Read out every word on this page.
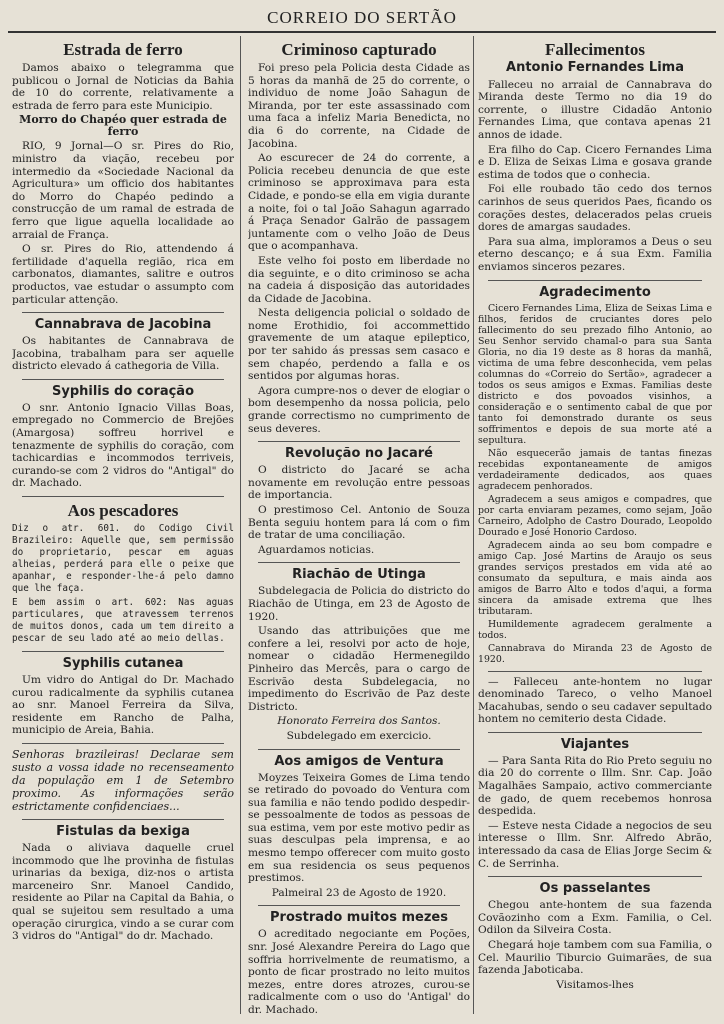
CORREIO DO SERTÃO
Estrada de ferro

Damos abaixo o telegramma que publicou o Jornal de Noticias da Bahia de 10 do corrente, relativamente a estrada de ferro para este Municipio.

Morro do Chapéo quer estrada de ferro

RIO, 9 Jornal—O sr. Pires do Rio, ministro da viação, recebeu por intermedio da «Sociedade Nacional da Agricultura» um officio dos habitantes do Morro do Chapéo pedindo a construcção de um ramal de estrada de ferro que ligue aquella localidade ao arraial de França.

O sr. Pires do Rio, attendendo á fertilidade d'aquella região, rica em carbonatos, diamantes, salitre e outros productos, vae estudar o assumpto com particular attenção.

Cannabrava de Jacobina

Os habitantes de Cannabrava de Jacobina, trabalham para ser aquelle districto elevado á cathegoria de Villa.

Syphilis do coração

O snr. Antonio Ignacio Villas Boas, empregado no Commercio de Brejões (Amargosa) soffreu horrivel e tenazmente de syphilis do coração, com tachicardias e incommodos terriveis, curando-se com 2 vidros do "Antigal" do dr. Machado.

Aos pescadores

Diz o atr. 601. do Codigo Civil Brazileiro: Aquelle que, sem permissão do proprietario, pescar em aguas alheias, perderá para elle o peixe que apanhar, e responder-lhe-á pelo damno que lhe faça.

E bem assim o art. 602: Nas aguas particulares, que atravessem terrenos de muitos donos, cada um tem direito a pescar de seu lado até ao meio dellas.

Syphilis cutanea

Um vidro do Antigal do Dr. Machado curou radicalmente da syphilis cutanea ao snr. Manoel Ferreira da Silva, residente em Rancho de Palha, municipio de Areia, Bahia.

Senhoras brazileiras! Declarae sem susto a vossa idade no recenseamento da população em 1 de Setembro proximo. As informações serão estrictamente confidenciaes...

Fistulas da bexiga

Nada o aliviava daquelle cruel incommodo que lhe provinha de fistulas urinarias da bexiga, diz-nos o artista marceneiro Snr. Manoel Candido, residente ao Pilar na Capital da Bahia, o qual se sujeitou sem resultado a uma operação cirurgica, vindo a se curar com 3 vidros do "Antigal" do dr. Machado.

Criminoso capturado

Foi preso pela Policia desta Cidade as 5 horas da manhã de 25 do corrente, o individuo de nome João Sahagun de Miranda, por ter este assassinado com uma faca a infeliz Maria Benedicta, no dia 6 do corrente, na Cidade de Jacobina.

Ao escurecer de 24 do corrente, a Policia recebeu denuncia de que este criminoso se approximava para esta Cidade, e pondo-se ella em vigia durante a noite, foi o tal João Sahagun agarrado á Praça Senador Galrão de passagem juntamente com o velho João de Deus que o acompanhava.

Este velho foi posto em liberdade no dia seguinte, e o dito criminoso se acha na cadeia á disposição das autoridades da Cidade de Jacobina.

Nesta deligencia policial o soldado de nome Erothidio, foi accommettido gravemente de um ataque epileptico, por ter sahido ás pressas sem casaco e sem chapéo, perdendo a falla e os sentidos por algumas horas.

Agora cumpre-nos o dever de elogiar o bom desempenho da nossa policia, pelo grande correctismo no cumprimento de seus deveres.

Revolução no Jacaré

O districto do Jacaré se acha novamente em revolução entre pessoas de importancia.

O prestimoso Cel. Antonio de Souza Benta seguiu hontem para lá com o fim de tratar de uma conciliação.

Aguardamos noticias.

Riachão de Utinga

Subdelegacia de Policia do districto do Riachão de Utinga, em 23 de Agosto de 1920.

Usando das attribuições que me confere a lei, resolvi por acto de hoje, nomear o cidadão Hermenegildo Pinheiro das Mercês, para o cargo de Escrivão desta Subdelegacia, no impedimento do Escrivão de Paz deste Districto.

Honorato Ferreira dos Santos.

Subdelegado em exercicio.

Aos amigos de Ventura

Moyzes Teixeira Gomes de Lima tendo se retirado do povoado do Ventura com sua familia e não tendo podido despedir-se pessoalmente de todos as pessoas de sua estima, vem por este motivo pedir as suas desculpas pela imprensa, e ao mesmo tempo offerecer com muito gosto em sua residencia os seus pequenos prestimos.

Palmeiral 23 de Agosto de 1920.

Prostrado muitos mezes

O acreditado negociante em Poções, snr. José Alexandre Pereira do Lago que soffria horrivelmente de reumatismo, a ponto de ficar prostrado no leito muitos mezes, entre dores atrozes, curou-se radicalmente com o uso do 'Antigal' do dr. Machado.

Fallecimentos
Antonio Fernandes Lima

Falleceu no arraial de Cannabrava do Miranda deste Termo no dia 19 do corrente, o illustre Cidadão Antonio Fernandes Lima, que contava apenas 21 annos de idade.

Era filho do Cap. Cicero Fernandes Lima e D. Eliza de Seixas Lima e gosava grande estima de todos que o conhecia.

Foi elle roubado tão cedo dos ternos carinhos de seus queridos Paes, ficando os corações destes, delacerados pelas crueis dores de amargas saudades.

Para sua alma, imploramos a Deus o seu eterno descanço; e á sua Exm. Familia enviamos sinceros pezares.

Agradecimento

Cicero Fernandes Lima, Eliza de Seixas Lima e filhos, feridos de cruciantes dores pelo fallecimento do seu prezado filho Antonio, ao Seu Senhor servido chamal-o para sua Santa Gloria, no dia 19 deste as 8 horas da manhã, victima de uma febre desconhecida, vem pelas columnas do «Correio do Sertão», agradecer a todos os seus amigos e Exmas. Familias deste districto e dos povoados visinhos, a consideração e o sentimento cabal de que por tanto foi demonstrado durante os seus soffrimentos e depois de sua morte até a sepultura.

Não esquecerão jamais de tantas finezas recebidas expontaneamente de amigos verdadeiramente dedicados, aos quaes agradecem penhorados.

Agradecem a seus amigos e compadres, que por carta enviaram pezames, como sejam, João Carneiro, Adolpho de Castro Dourado, Leopoldo Dourado e José Honorio Cardoso.

Agradecem ainda ao seu bom compadre e amigo Cap. José Martins de Araujo os seus grandes serviços prestados em vida até ao consumato da sepultura, e mais ainda aos amigos de Barro Alto e todos d'aqui, a forma sincera da amisade extrema que lhes tributaram.

Humildemente agradecem geralmente a todos.

Cannabrava do Miranda 23 de Agosto de 1920.

— Falleceu ante-hontem no lugar denominado Tareco, o velho Manoel Macahubas, sendo o seu cadaver sepultado hontem no cemiterio desta Cidade.

Viajantes

— Para Santa Rita do Rio Preto seguiu no dia 20 do corrente o Illm. Snr. Cap. João Magalhães Sampaio, activo commerciante de gado, de quem recebemos honrosa despedida.

— Esteve nesta Cidade a negocios de seu interesse o Illm. Snr. Alfredo Abrão, interessado da casa de Elias Jorge Secim & C. de Serrinha.

Os passelantes

Chegou ante-hontem de sua fazenda Covãozinho com a Exm. Familia, o Cel. Odilon da Silveira Costa.

Chegará hoje tambem com sua Familia, o Cel. Maurilio Tiburcio Guimarães, de sua fazenda Jaboticaba.

Visitamos-lhes
